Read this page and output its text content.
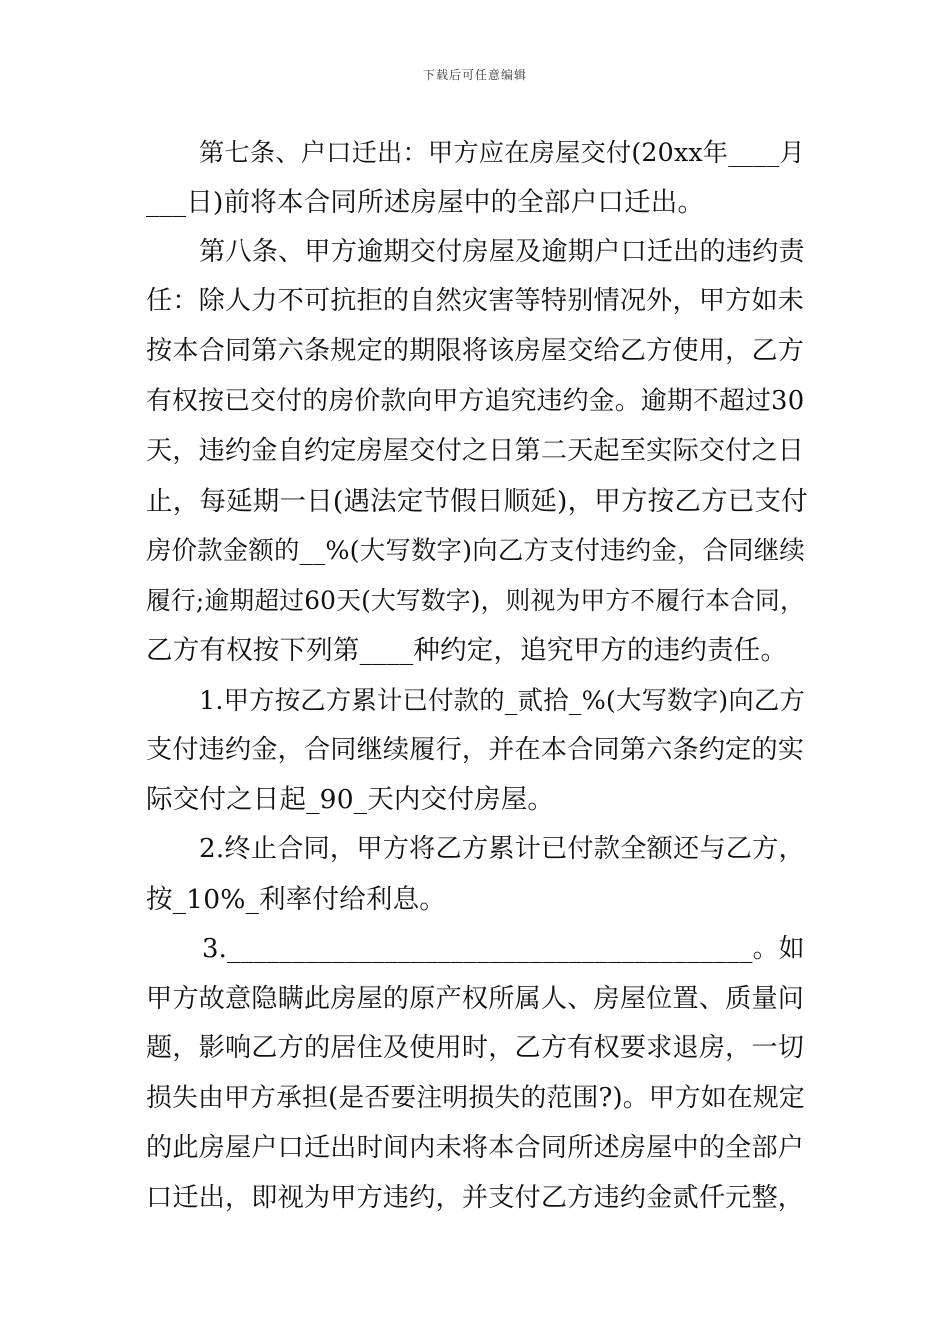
下载后可任意编辑
第七条、户口迁出：甲方应在房屋交付(20xx年____月
___日)前将本合同所述房屋中的全部户口迁出。
第八条、甲方逾期交付房屋及逾期户口迁出的违约责
任：除人力不可抗拒的自然灾害等特别情况外，甲方如未
按本合同第六条规定的期限将该房屋交给乙方使用，乙方
有权按已交付的房价款向甲方追究违约金。逾期不超过30
天，违约金自约定房屋交付之日第二天起至实际交付之日
止，每延期一日(遇法定节假日顺延)，甲方按乙方已支付
房价款金额的__%(大写数字)向乙方支付违约金，合同继续
履行;逾期超过60天(大写数字)，则视为甲方不履行本合同，
乙方有权按下列第____种约定，追究甲方的违约责任。
1.甲方按乙方累计已付款的_贰拾_%(大写数字)向乙方
支付违约金，合同继续履行，并在本合同第六条约定的实
际交付之日起_90_天内交付房屋。
2.终止合同，甲方将乙方累计已付款全额还与乙方，
按_10%_利率付给利息。
3.________________________________________。如
甲方故意隐瞒此房屋的原产权所属人、房屋位置、质量问
题，影响乙方的居住及使用时，乙方有权要求退房，一切
损失由甲方承担(是否要注明损失的范围?)。甲方如在规定
的此房屋户口迁出时间内未将本合同所述房屋中的全部户
口迁出，即视为甲方违约，并支付乙方违约金贰仟元整，
